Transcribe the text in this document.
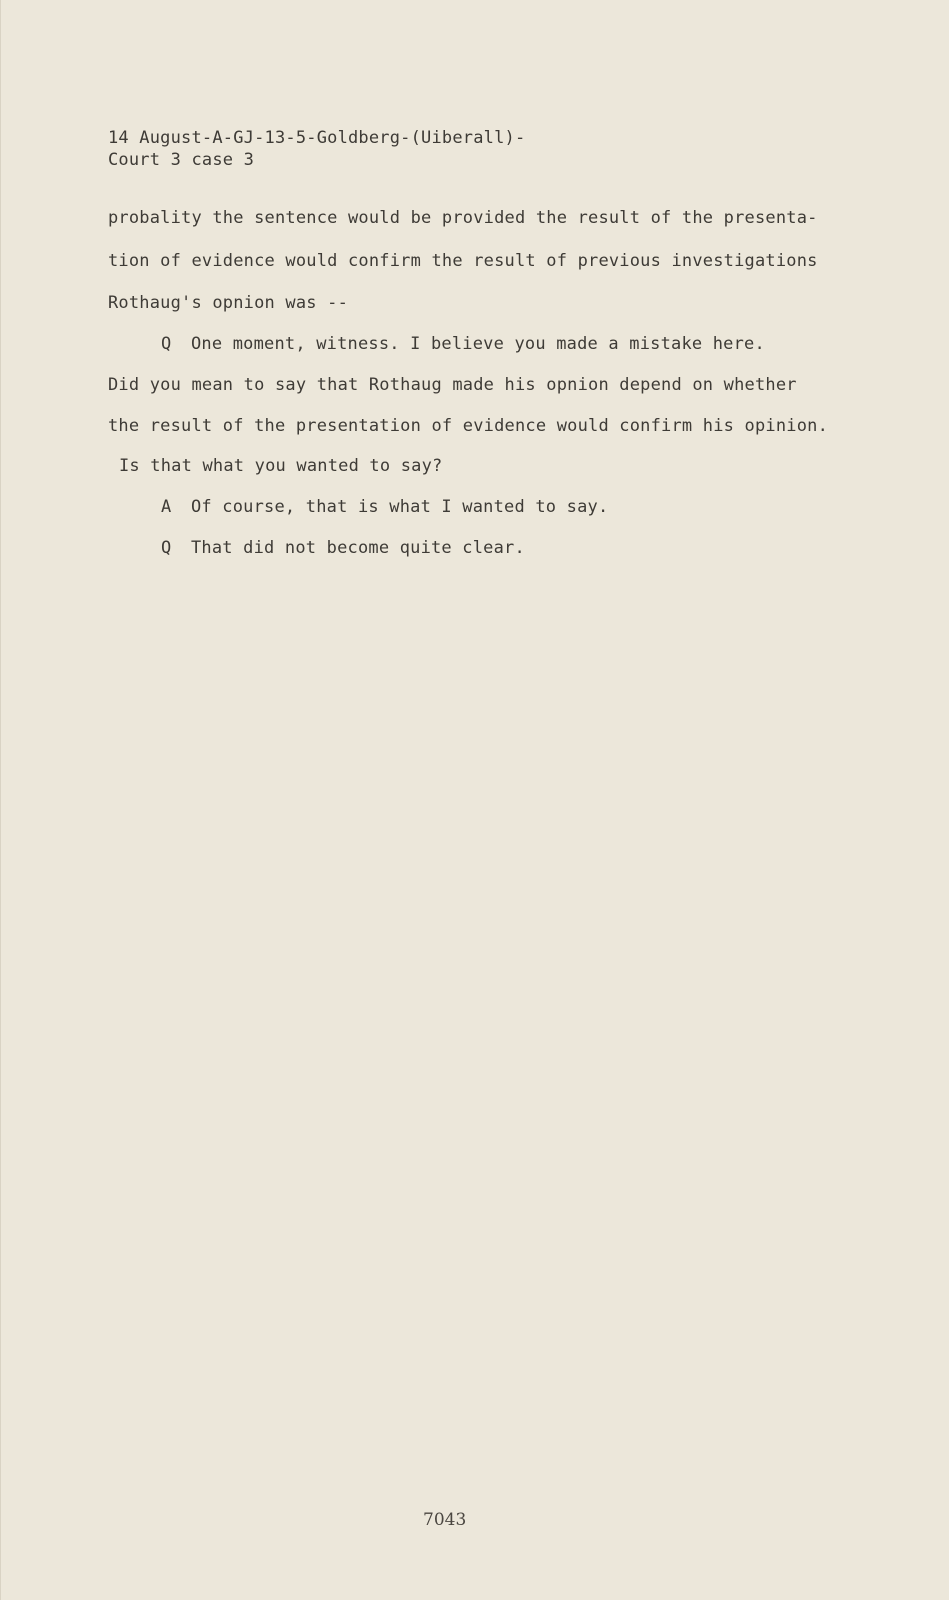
14 August-A-GJ-13-5-Goldberg-(Uiberall)-
Court 3 case 3
probality the sentence would be provided the result of the presenta-
tion of evidence would confirm the result of previous investigations
Rothaug's opnion was --
Q One moment, witness. I believe you made a mistake here.
Did you mean to say that Rothaug made his opnion depend on whether
the result of the presentation of evidence would confirm his opinion.
Is that what you wanted to say?
A Of course, that is what I wanted to say.
Q That did not become quite clear.
7043
